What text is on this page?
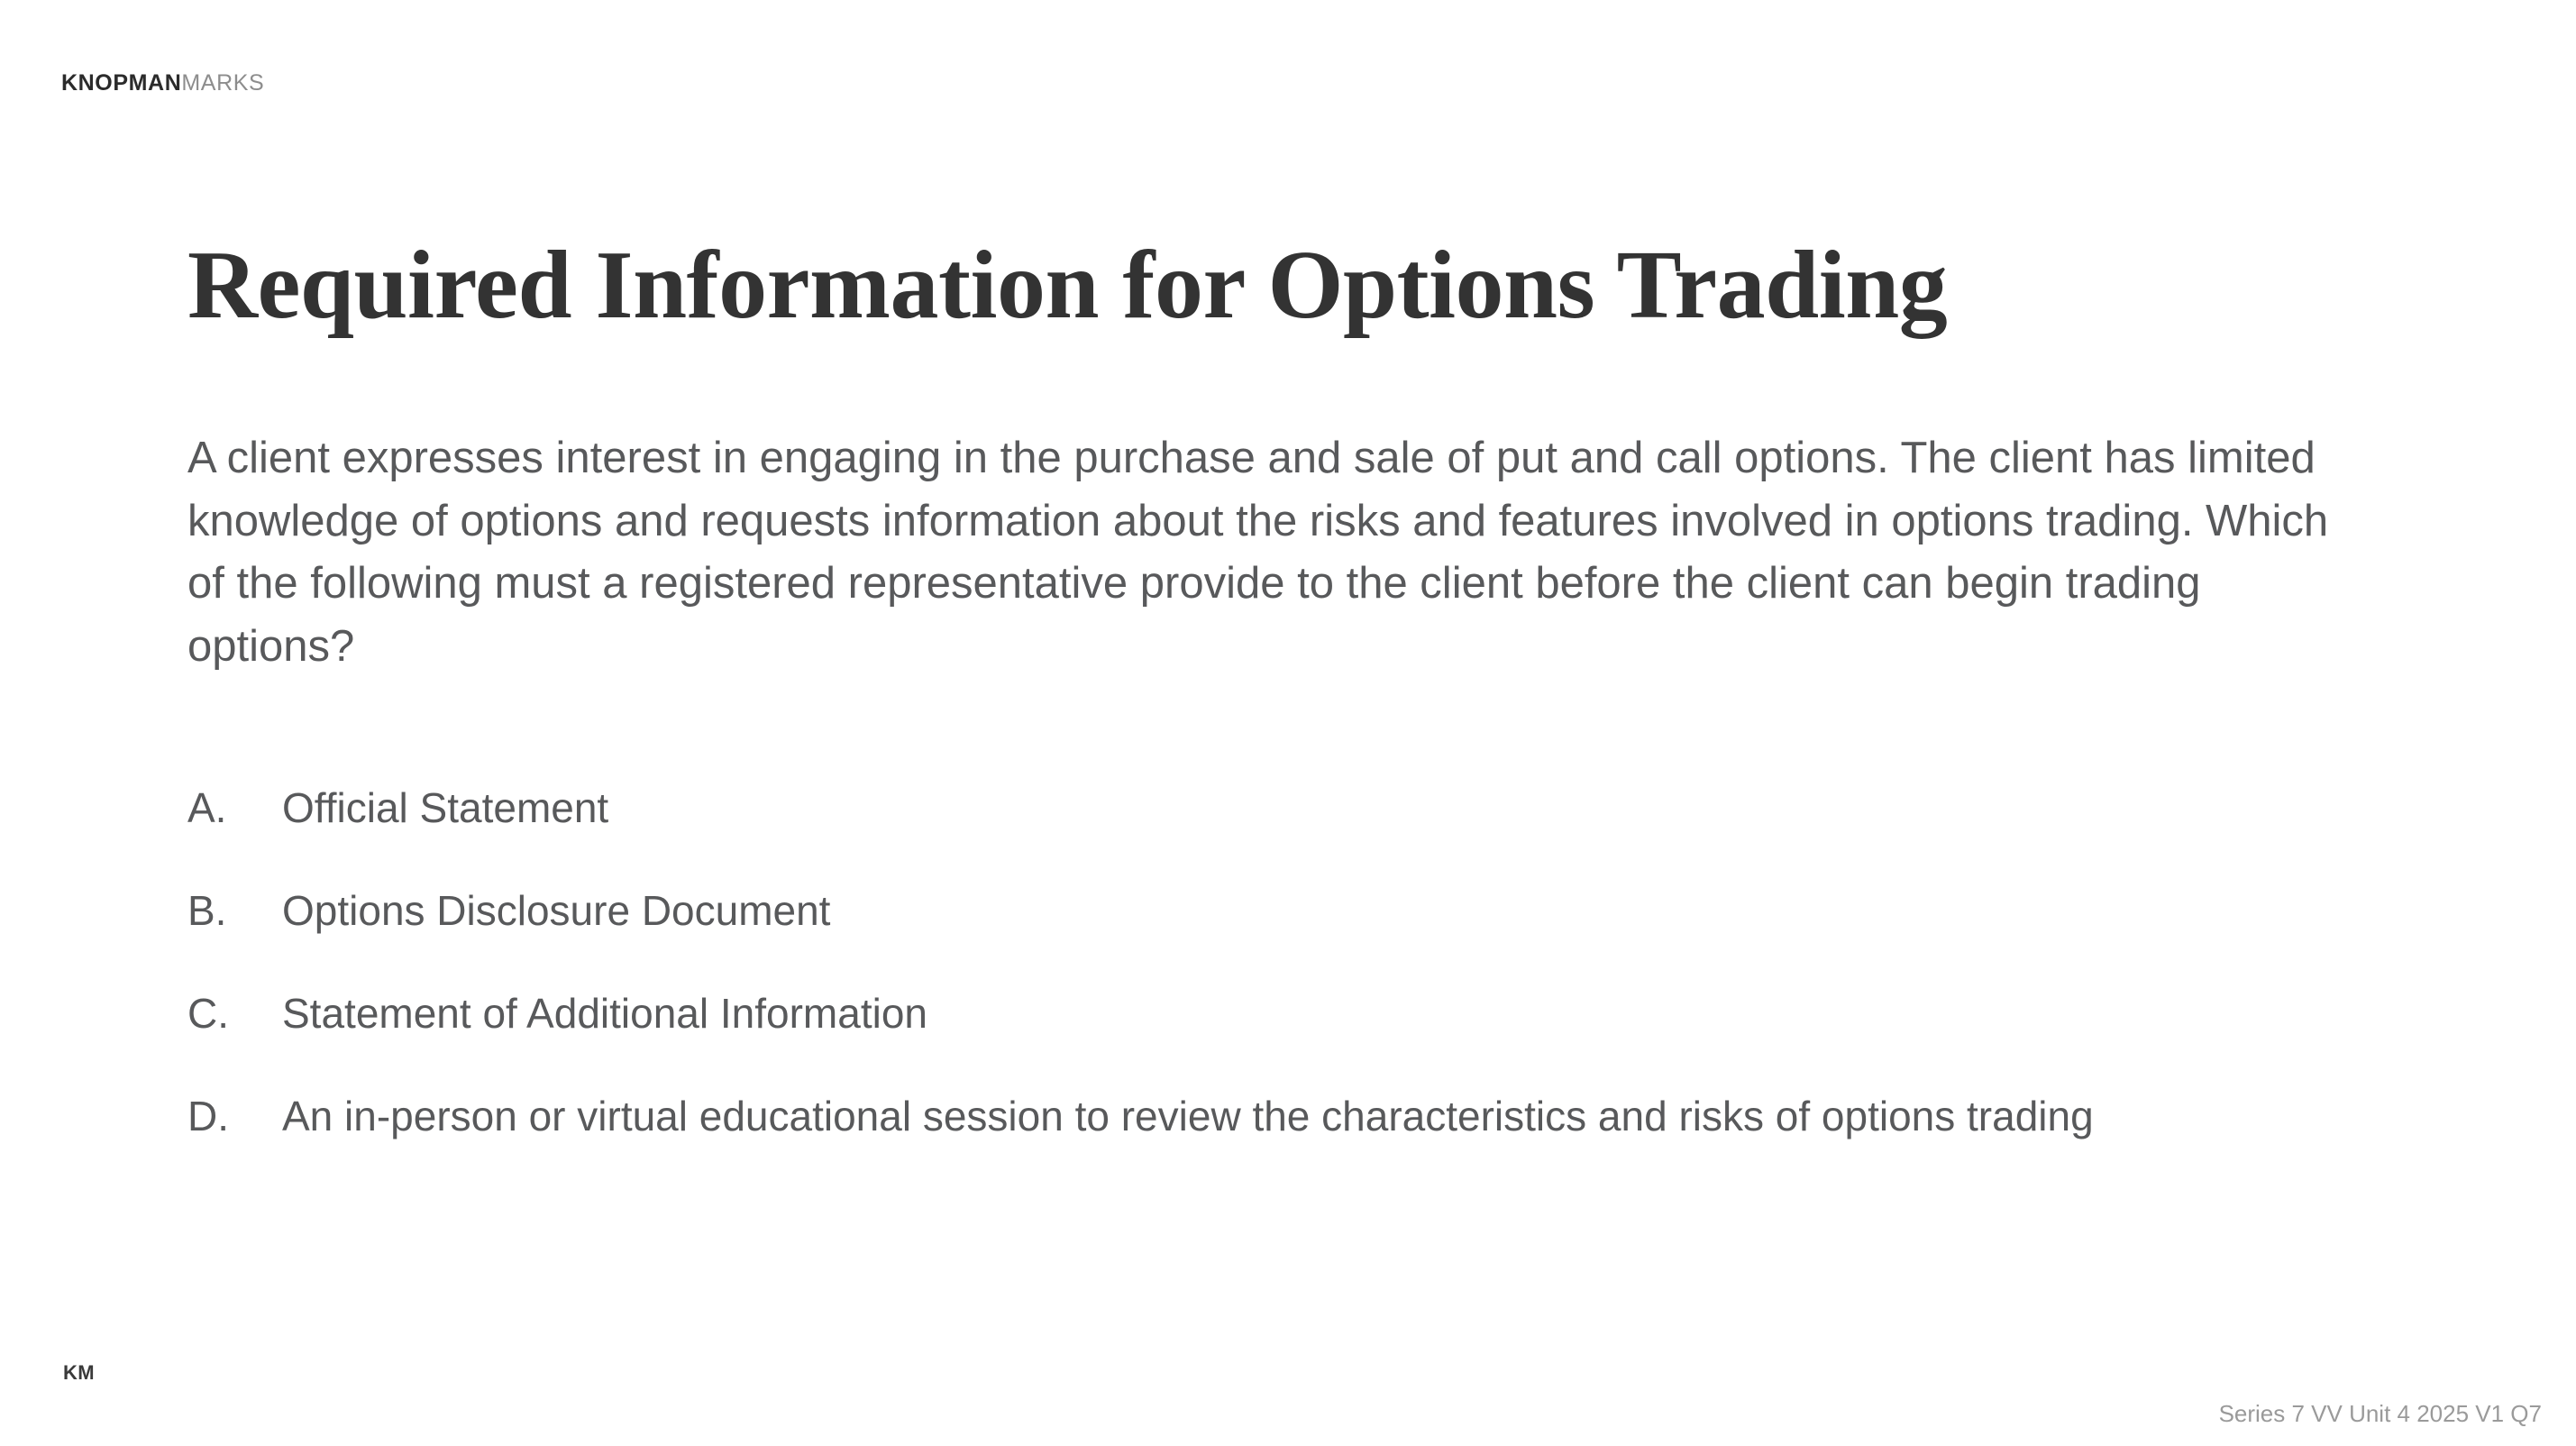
KNOPMANMARKS
Required Information for Options Trading

A client expresses interest in engaging in the purchase and sale of put and call options. The client has limited knowledge of options and requests information about the risks and features involved in options trading. Which of the following must a registered representative provide to the client before the client can begin trading options?

A.	Official Statement
B.	Options Disclosure Document
C.	Statement of Additional Information
D.	An in-person or virtual educational session to review the characteristics and risks of options trading
KM
Series 7 VV Unit 4 2025 V1 Q7
